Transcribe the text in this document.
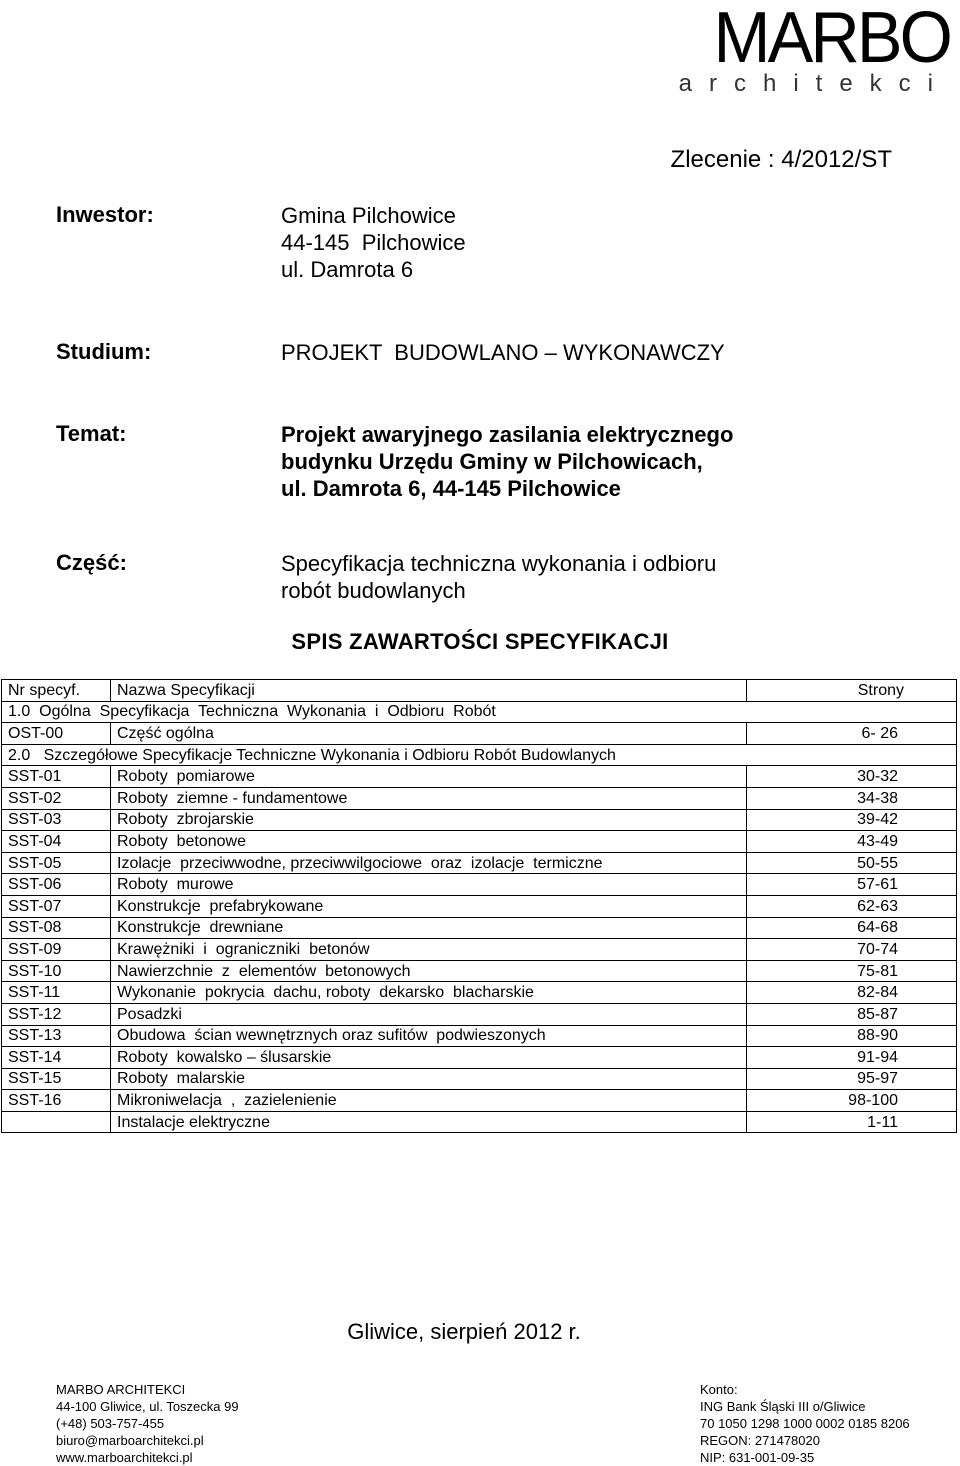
MARBO
architekci
Zlecenie : 4/2012/ST
Inwestor:	Gmina Pilchowice
44-145  Pilchowice
ul. Damrota 6
Studium:	PROJEKT  BUDOWLANO – WYKONAWCZY
Temat:	Projekt awaryjnego zasilania elektrycznego
budynku Urzędu Gminy w Pilchowicach,
ul. Damrota 6, 44-145 Pilchowice
Część:	Specyfikacja techniczna wykonania i odbioru
robót budowlanych
SPIS ZAWARTOŚCI SPECYFIKACJI
Nr specyf.	Nazwa Specyfikacji	Strony
1.0  Ogólna  Specyfikacja  Techniczna  Wykonania  i  Odbioru  Robót		
OST-00	Część ogólna	6- 26
2.0   Szczegółowe Specyfikacje Techniczne Wykonania i Odbioru Robót Budowlanych		
SST-01	Roboty  pomiarowe	30-32
SST-02	Roboty  ziemne - fundamentowe	34-38
SST-03	Roboty  zbrojarskie	39-42
SST-04	Roboty  betonowe	43-49
SST-05	Izolacje  przeciwwodne, przeciwwilgociowe  oraz  izolacje  termiczne	50-55
SST-06	Roboty  murowe	57-61
SST-07	Konstrukcje  prefabrykowane	62-63
SST-08	Konstrukcje  drewniane	64-68
SST-09	Krawężniki  i  ograniczniki  betonów	70-74
SST-10	Nawierzchnie  z  elementów  betonowych	75-81
SST-11	Wykonanie  pokrycia  dachu, roboty  dekarsko  blacharskie	82-84
SST-12	Posadzki	85-87
SST-13	Obudowa  ścian wewnętrznych oraz sufitów  podwieszonych	88-90
SST-14	Roboty  kowalsko – ślusarskie	91-94
SST-15	Roboty  malarskie	95-97
SST-16	Mikroniwelacja  ,  zazielenienie	98-100
	Instalacje elektryczne	1-11
Gliwice, sierpień 2012 r.
MARBO ARCHITEKCI
44-100 Gliwice, ul. Toszecka 99
(+48) 503-757-455
biuro@marboarchitekci.pl
www.marboarchitekci.pl
Konto:
ING Bank Śląski III o/Gliwice
70 1050 1298 1000 0002 0185 8206
REGON: 271478020
NIP: 631-001-09-35
